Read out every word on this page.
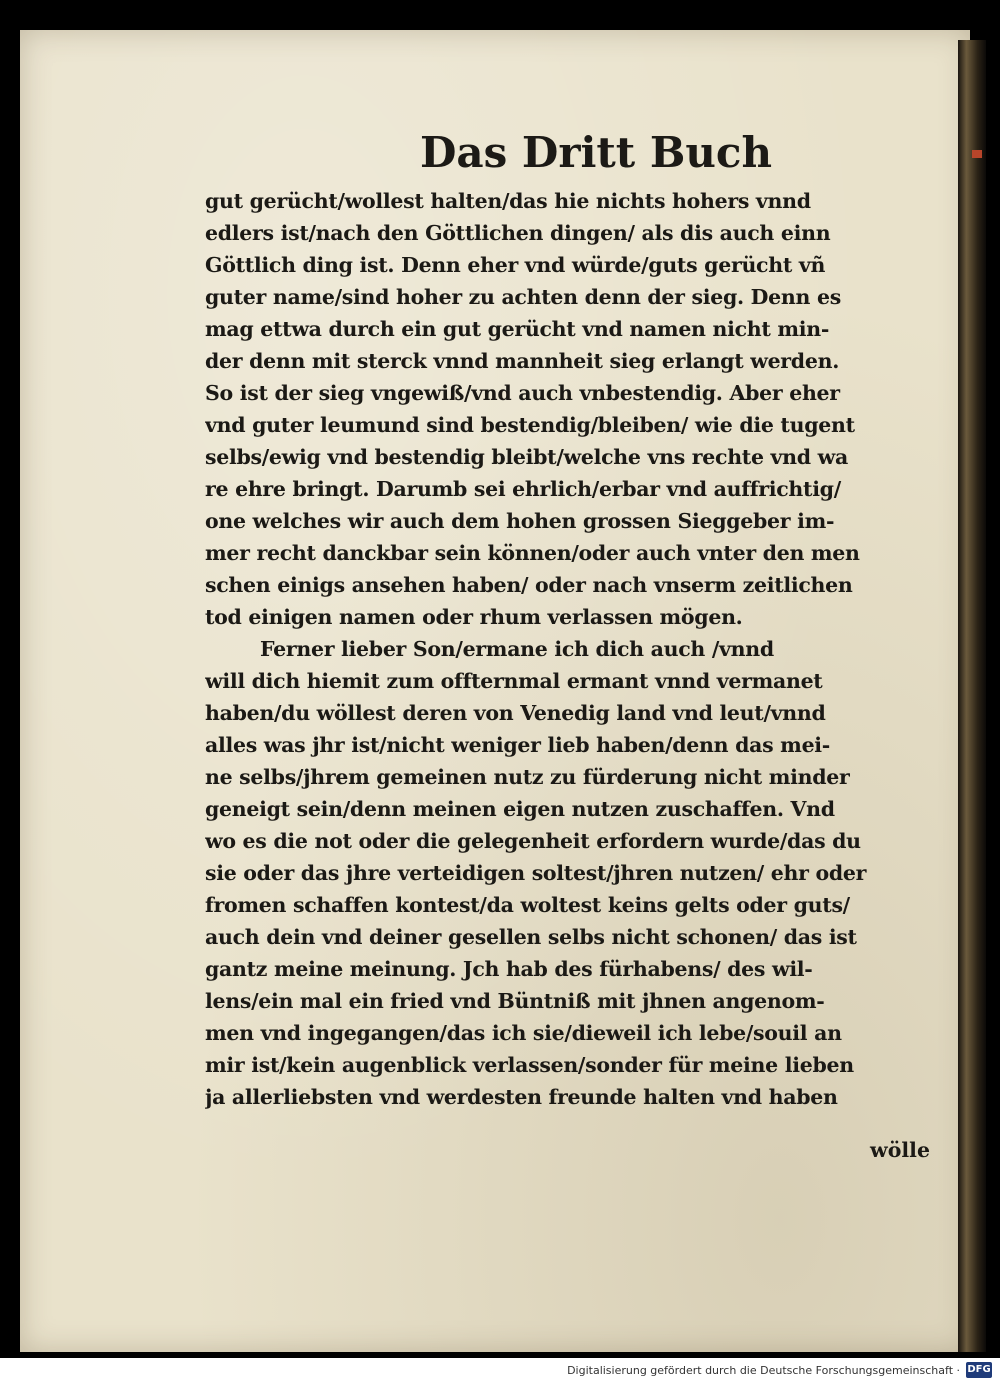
Das Dritt Buch
gut gerücht/wollest halten/das hie nichts hohers vnnd
edlers ist/nach den Göttlichen dingen/ als dis auch einn
Göttlich ding ist. Denn eher vnd würde/guts gerücht vñ
guter name/sind hoher zu achten denn der sieg. Denn es
mag ettwa durch ein gut gerücht vnd namen nicht min-
der denn mit sterck vnnd mannheit sieg erlangt werden.
So ist der sieg vngewiß/vnd auch vnbestendig. Aber eher
vnd guter leumund sind bestendig/bleiben/ wie die tugent
selbs/ewig vnd bestendig bleibt/welche vns rechte vnd wa
re ehre bringt. Darumb sei ehrlich/erbar vnd auffrichtig/
one welches wir auch dem hohen grossen Sieggeber im-
mer recht danckbar sein können/oder auch vnter den men
schen einigs ansehen haben/ oder nach vnserm zeitlichen
tod einigen namen oder rhum verlassen mögen.
Ferner lieber Son/ermane ich dich auch /vnnd
will dich hiemit zum offternmal ermant vnnd vermanet
haben/du wöllest deren von Venedig land vnd leut/vnnd
alles was jhr ist/nicht weniger lieb haben/denn das mei-
ne selbs/jhrem gemeinen nutz zu fürderung nicht minder
geneigt sein/denn meinen eigen nutzen zuschaffen. Vnd
wo es die not oder die gelegenheit erfordern wurde/das du
sie oder das jhre verteidigen soltest/jhren nutzen/ ehr oder
fromen schaffen kontest/da woltest keins gelts oder guts/
auch dein vnd deiner gesellen selbs nicht schonen/ das ist
gantz meine meinung. Jch hab des fürhabens/ des wil-
lens/ein mal ein fried vnd Büntniß mit jhnen angenom-
men vnd ingegangen/das ich sie/dieweil ich lebe/souil an
mir ist/kein augenblick verlassen/sonder für meine lieben
ja allerliebsten vnd werdesten freunde halten vnd haben
wölle
Digitalisierung gefördert durch die Deutsche Forschungsgemeinschaft · DFG
